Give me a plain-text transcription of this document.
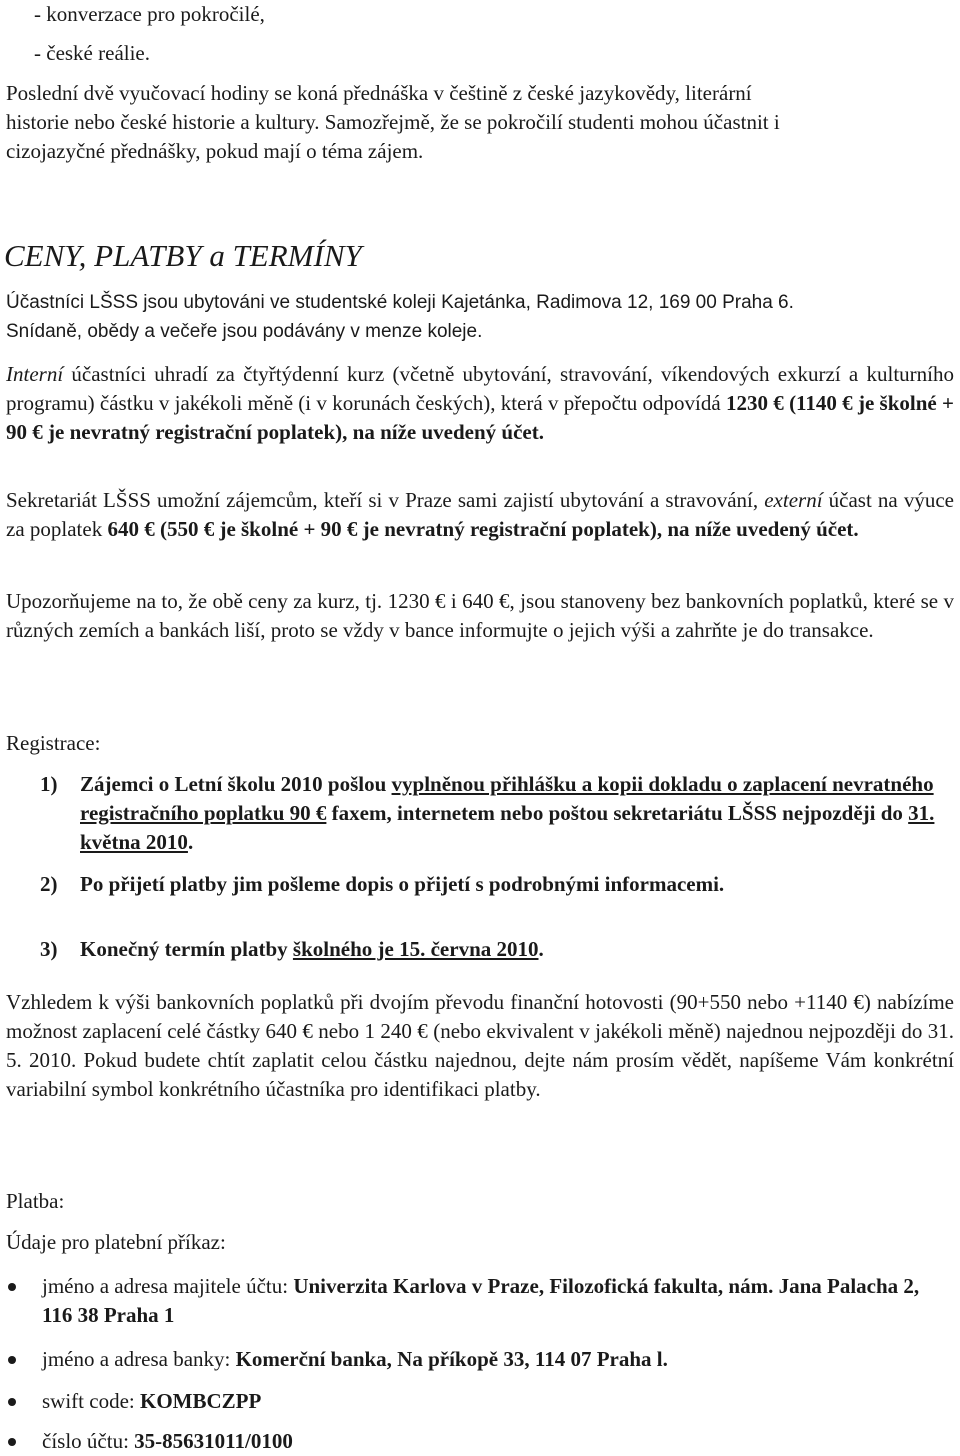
- konverzace pro pokročilé,

- české reálie.

Poslední dvě vyučovací hodiny se koná přednáška v češtině z české jazykovědy, literární

historie nebo české historie a kultury. Samozřejmě, že se pokročilí studenti mohou účastnit i

cizojazyčné přednášky, pokud mají o téma zájem.

CENY, PLATBY a TERMÍNY

Účastníci LŠSS jsou ubytováni ve studentské koleji Kajetánka, Radimova 12, 169 00 Praha 6.

Snídaně, obědy a večeře jsou podávány v menze koleje.

Interní účastníci uhradí za čtyřtýdenní kurz (včetně ubytování, stravování, víkendových exkurzí a kulturního programu) částku v jakékoli měně (i v korunách českých), která v přepočtu odpovídá 1230 € (1140 € je školné + 90 € je nevratný registrační poplatek), na níže uvedený účet.

Sekretariát LŠSS umožní zájemcům, kteří si v Praze sami zajistí ubytování a stravování, externí účast na výuce za poplatek 640 € (550 € je školné + 90 € je nevratný registrační poplatek), na níže uvedený účet.

Upozorňujeme na to, že obě ceny za kurz, tj. 1230 € i 640 €, jsou stanoveny bez bankovních poplatků, které se v různých zemích a bankách liší, proto se vždy v bance informujte o jejich výši a zahrňte je do transakce.

Registrace:

1) Zájemci o Letní školu 2010 pošlou vyplněnou přihlášku a kopii dokladu o zaplacení nevratného registračního poplatku 90 € faxem, internetem nebo poštou sekretariátu LŠSS nejpozději do 31. května 2010.

2) Po přijetí platby jim pošleme dopis o přijetí s podrobnými informacemi.

3) Konečný termín platby školného je 15. června 2010.

Vzhledem k výši bankovních poplatků při dvojím převodu finanční hotovosti (90+550 nebo +1140 €) nabízíme možnost zaplacení celé částky 640 € nebo 1 240 € (nebo ekvivalent v jakékoli měně) najednou nejpozději do 31. 5. 2010. Pokud budete chtít zaplatit celou částku najednou, dejte nám prosím vědět, napíšeme Vám konkrétní variabilní symbol konkrétního účastníka pro identifikaci platby.

Platba:

Údaje pro platební příkaz:

jméno a adresa majitele účtu: Univerzita Karlova v Praze, Filozofická fakulta, nám. Jana Palacha 2, 116 38 Praha 1

jméno a adresa banky: Komerční banka, Na příkopě 33, 114 07 Praha l.

swift code: KOMBCZPP

číslo účtu: 35-85631011/0100
